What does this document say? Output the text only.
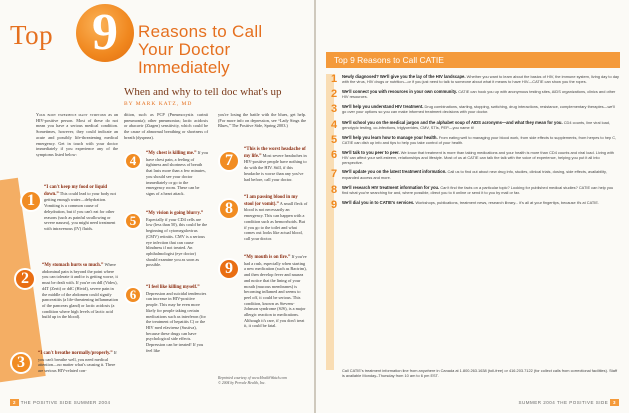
Top 9	Reasons to Call
Your Doctor
Immediately
When and why to tell doc what's up
BY MARK KATZ, MD

Your body experience many symptoms as an HIV-positive person. Most of these do not mean you have a serious medical condition. Sometimes, however, they could indicate an acute and possibly life-threatening medical emergency. Get in touch with your doctor immediately if you experience any of the symptoms listed below:

1
“I can't keep my food or liquid down.” This could lead to your body not getting enough water—dehydration. Vomiting is a common cause of dehydration, but if you can't eat for other reasons (such as painful swallowing or severe nausea), you might need treatment with intravenous (IV) fluids.
2
“My stomach hurts so much.” Where abdominal pain is beyond the point where you can tolerate it and/or is getting worse, it must be dealt with. If you're on ddI (Videx), d4T (Zerit) or ddC (Hivid), severe pain in the middle of the abdomen could signify pancreatitis (a life-threatening inflammation of the pancreas gland) or lactic acidosis (a condition where high levels of lactic acid build up in the blood).
3
“I can't breathe normally/properly.” If you can't breathe well, you need medical attention—no matter what's causing it. There are serious HIV-related con-

dition, such as PCP (Pneumocystis carinii pneumonia); other pneumonias; lactic acidosis or abacavir (Ziagen) sensitivity, which could be the cause of abnormal breathing or shortness of breath (dyspnea).

4	“My chest is killing me.” If you have chest pain, a feeling of tightness and shortness of breath that lasts more than a few minutes, you should see your doctor immediately or go to the emergency room. These can be signs of a heart attack.
5	“My vision is going blurry.” Especially if your CD4 cells are low (less than 50), this could be the beginning of cytomegalovirus (CMV) retinitis. CMV is a serious eye infection that can cause blindness if not treated. An ophthalmologist (eye doctor) should examine you as soon as possible.
6	“I feel like killing myself.” Depression and suicidal tendencies can increase in HIV-positive people. This may be even more likely for people taking certain medications such as interferon (for the treatment of hepatitis C) or the HIV med efavirenz (Sustiva), because these drugs can have psychological side effects. Depression can be treated! If you feel like

you're losing the battle with the blues, get help. (For more info on depression, see “Lady Sings the Blues,” The Positive Side, Spring 2003.)

7
“This is the worst headache of my life.” Most severe headaches in HIV-positive people have nothing to do with the HIV. Still, if this headache is worse than any you've had before, call your doctor.
8
“I am passing blood in my stool (or vomit).” A small fleck of blood is not necessarily an emergency. This can happen with a condition such as hemorrhoids. But if you go to the toilet and what comes out looks like actual blood, call your doctor.
9
“My mouth is on fire.” If you've had a rash, especially when starting a new medication (such as Bactrim), and then develop fever and nausea and notice that the lining of your mouth (mucous membranes) is becoming inflamed and seems to peel off, it could be serious. This condition, known as Stevens-Johnson syndrome (SJS), is a major allergic reaction to medications. Although it's rare, if you don't treat it, it could be fatal.
Reprinted courtesy of www.HealthWatch.com
© 2004 by Prevale Health, Inc.
2 THE POSITIVE SIDE SUMMER 2004
Top 9 Reasons to Call CATIE
1	Newly diagnosed? We'll give you the lay of the HIV landscape. Whether you want to learn about the basics of HIV, the immune system, living day to day with the virus, HIV drugs or nutrition—or if you just need to talk to someone about what it means to have HIV—CATIE can show you the ropes.
2	We'll connect you with resources in your own community. CATIE can hook you up with anonymous testing sites, AIDS organizations, clinics and other HIV resources.
3	We'll help you understand HIV treatment. Drug combinations, starting, stopping, switching, drug interactions, resistance, complementary therapies—we'll go over your options so you can make informed treatment decisions with your doctor.
4	We'll school you on the medical jargon and the alphabet soup of AIDS acronyms—and what they mean for you. CD4 counts, line viral load, genotypic testing, co-infections, triglycerides, CMV, STIs, PEP—you name it!
5	We'll help you learn how to manage your health. From eating well to managing your blood work, from side effects to supplements, from herpes to hep C, CATIE can dish up info and tips to help you take control of your health.
6	We'll talk to you peer to peer. We know that treatment is more than taking medications and your health is more than CD4 counts and viral load. Living with HIV can affect your self-esteem, relationships and lifestyle. Most of us at CATIE can talk the talk with the voice of experience, helping you put it all into perspective.
7	We'll update you on the latest treatment information. Call us to find out about new drug info, studies, clinical trials, dosing, side effects, availability, expanded access and more.
8	We'll research HIV treatment information for you. Can't find the facts on a particular topic? Looking for published medical studies? CATIE can help you find what you're searching for and, where possible, direct you to it online or send it to you by mail or fax.
9	We'll dial you in to CATIE's services. Workshops, publications, treatment news, research library... it's all at your fingertips, because it's at CATIE.
Call CATIE's treatment information line from anywhere in Canada at 1.800.263.1638 (toll-free) or 416.203.7122 (for collect calls from correctional facilities). Staff is available Monday–Thursday from 10 am to 6 pm EST.
SUMMER 2004 THE POSITIVE SIDE 3
